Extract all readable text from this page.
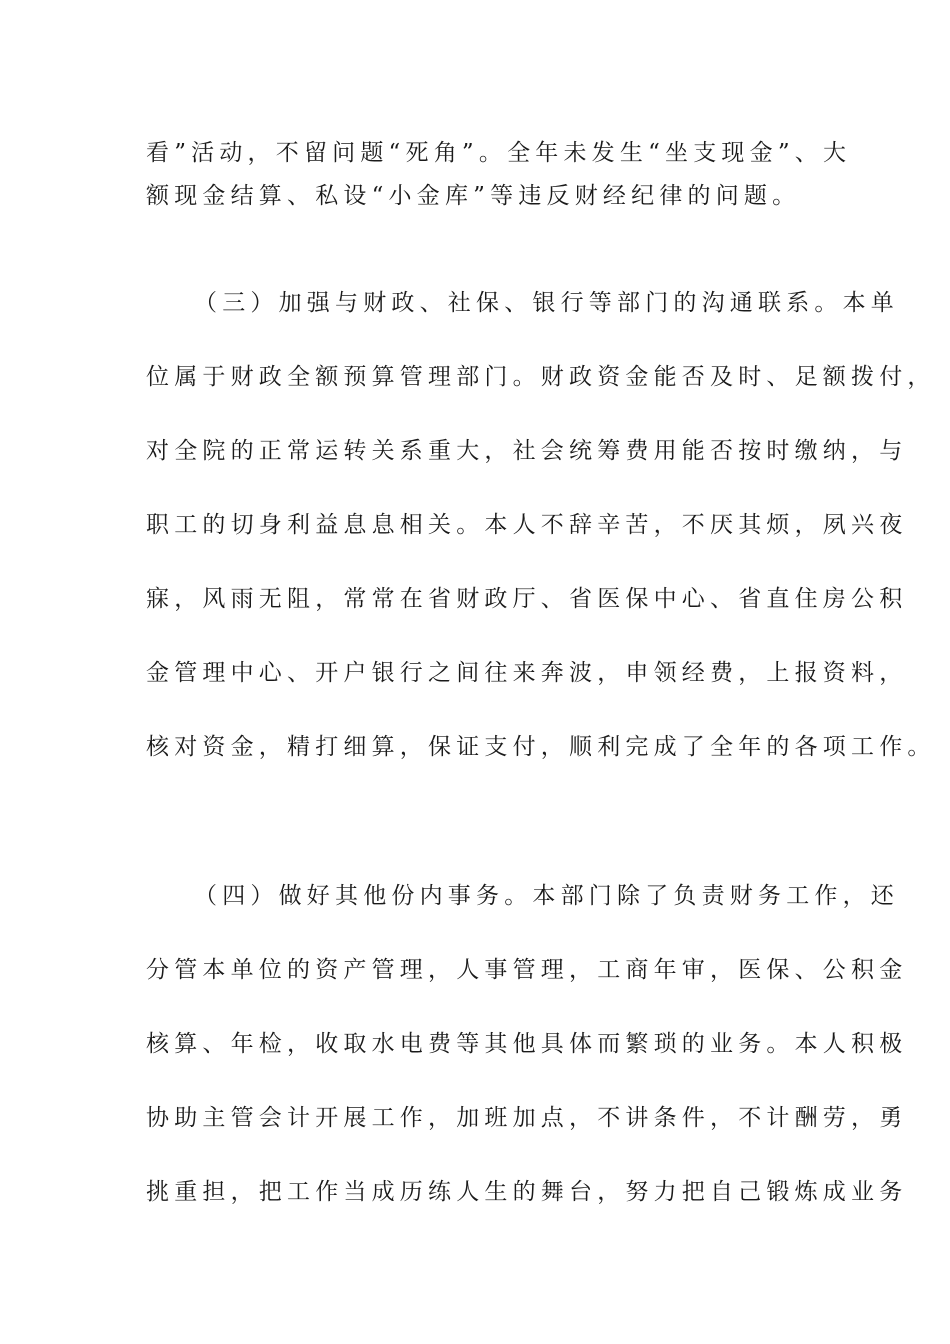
看”活动，不留问题“死角”。全年未发生“坐支现金”、大
额现金结算、私设“小金库”等违反财经纪律的问题。
（三）加强与财政、社保、银行等部门的沟通联系。本单
位属于财政全额预算管理部门。财政资金能否及时、足额拨付，
对全院的正常运转关系重大，社会统筹费用能否按时缴纳，与
职工的切身利益息息相关。本人不辞辛苦，不厌其烦，夙兴夜
寐，风雨无阻，常常在省财政厅、省医保中心、省直住房公积
金管理中心、开户银行之间往来奔波，申领经费，上报资料，
核对资金，精打细算，保证支付，顺利完成了全年的各项工作。
（四）做好其他份内事务。本部门除了负责财务工作，还
分管本单位的资产管理，人事管理，工商年审，医保、公积金
核算、年检，收取水电费等其他具体而繁琐的业务。本人积极
协助主管会计开展工作，加班加点，不讲条件，不计酬劳，勇
挑重担，把工作当成历练人生的舞台，努力把自己锻炼成业务
